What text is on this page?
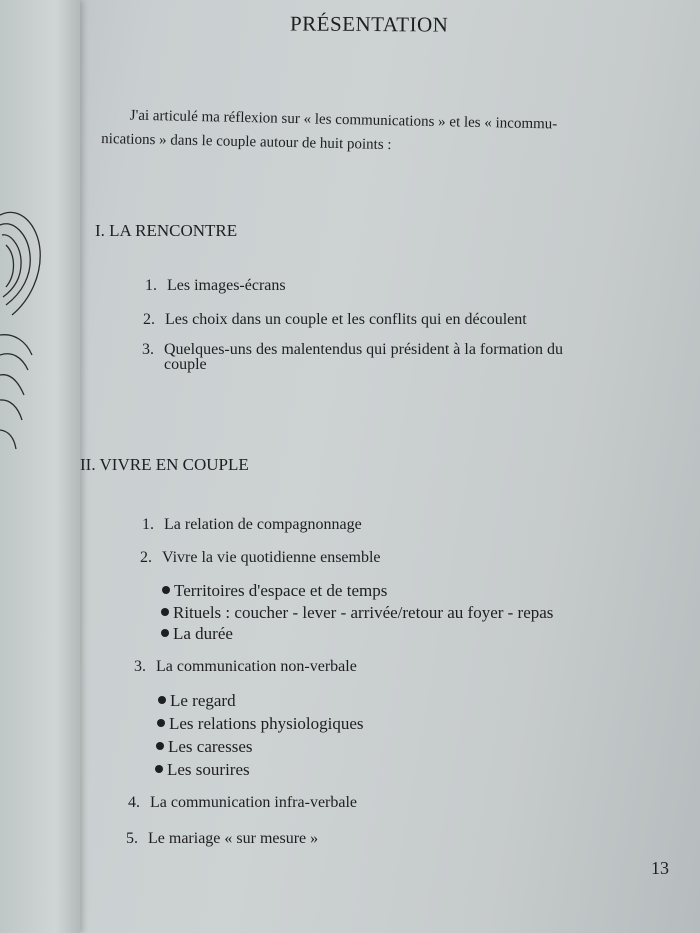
PRÉSENTATION
J'ai articulé ma réflexion sur « les communications » et les « incommu-
nications » dans le couple autour de huit points :
I. LA RENCONTRE
1. Les images-écrans
2. Les choix dans un couple et les conflits qui en découlent
3. Quelques-uns des malentendus qui président à la formation du
couple
II. VIVRE EN COUPLE
1. La relation de compagnonnage
2. Vivre la vie quotidienne ensemble
Territoires d'espace et de temps
Rituels : coucher - lever - arrivée/retour au foyer - repas
La durée
3. La communication non-verbale
Le regard
Les relations physiologiques
Les caresses
Les sourires
4. La communication infra-verbale
5. Le mariage « sur mesure »
13
